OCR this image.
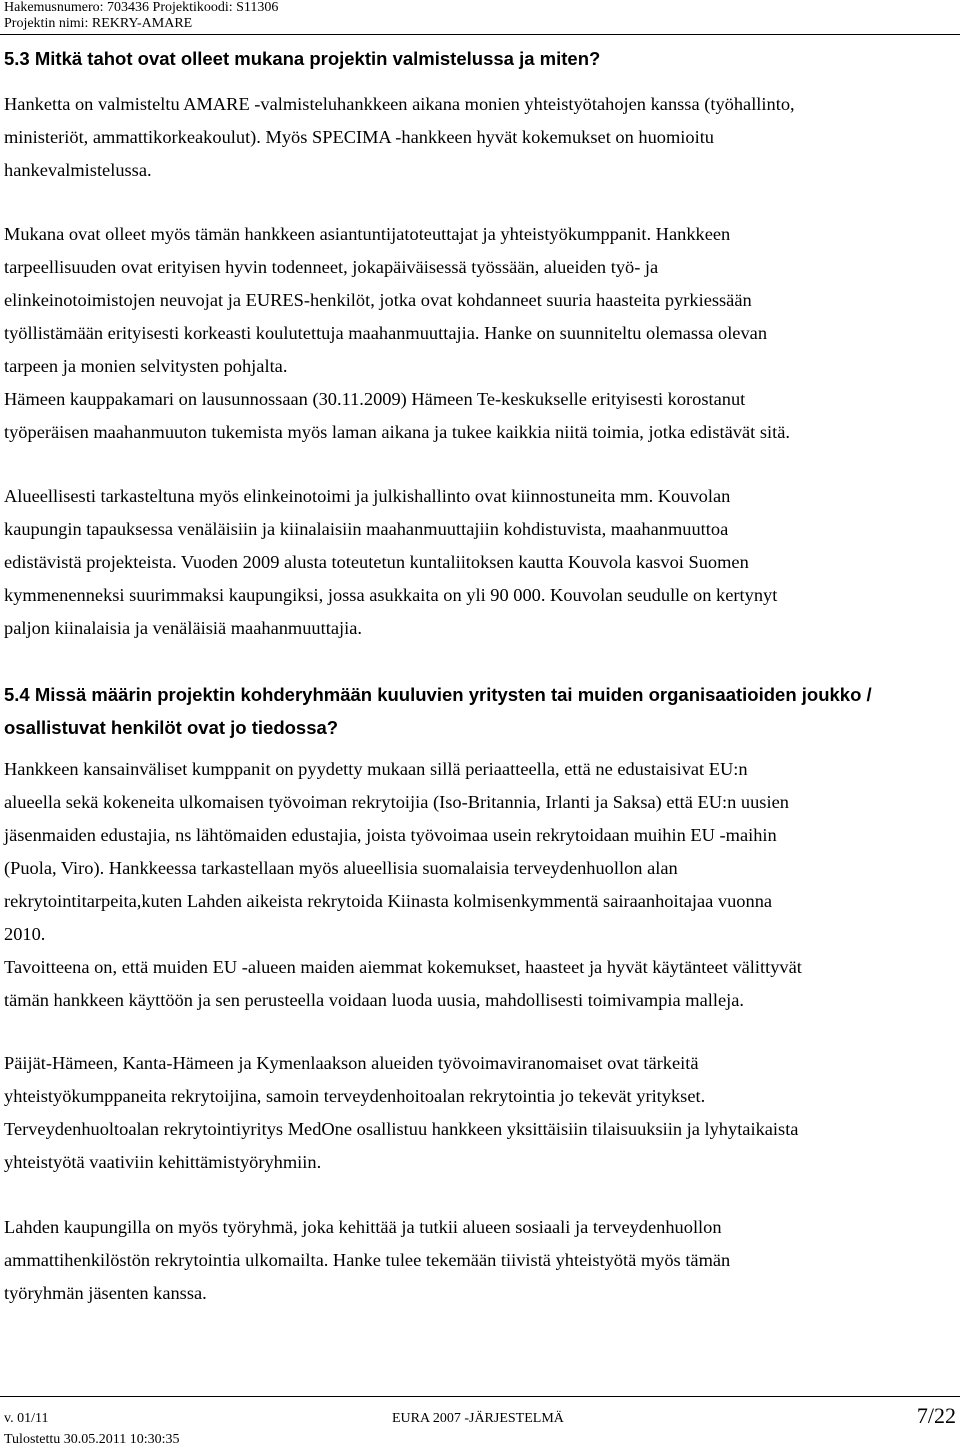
Hakemusnumero: 703436 Projektikoodi: S11306
Projektin nimi: REKRY-AMARE
5.3 Mitkä tahot ovat olleet mukana projektin valmistelussa ja miten?
Hanketta on valmisteltu AMARE -valmisteluhankkeen aikana monien yhteistyötahojen kanssa (työhallinto,
ministeriöt, ammattikorkeakoulut). Myös SPECIMA -hankkeen hyvät kokemukset on huomioitu
hankevalmistelussa.
Mukana ovat olleet myös tämän hankkeen asiantuntijatoteuttajat ja yhteistyökumppanit. Hankkeen
tarpeellisuuden ovat erityisen hyvin todenneet, jokapäiväisessä työssään, alueiden työ- ja
elinkeinotoimistojen neuvojat ja EURES-henkilöt, jotka ovat kohdanneet suuria haasteita pyrkiessään
työllistämään erityisesti korkeasti koulutettuja maahanmuuttajia. Hanke on suunniteltu olemassa olevan
tarpeen ja monien selvitysten pohjalta.
Hämeen kauppakamari on lausunnossaan (30.11.2009) Hämeen Te-keskukselle erityisesti korostanut
työperäisen maahanmuuton tukemista myös laman aikana ja tukee kaikkia niitä toimia, jotka edistävät sitä.
Alueellisesti tarkasteltuna myös elinkeinotoimi ja julkishallinto ovat kiinnostuneita mm. Kouvolan
kaupungin tapauksessa venäläisiin ja kiinalaisiin maahanmuuttajiin kohdistuvista, maahanmuuttoa
edistävistä projekteista. Vuoden 2009 alusta toteutetun kuntaliitoksen kautta Kouvola kasvoi Suomen
kymmenenneksi suurimmaksi kaupungiksi, jossa asukkaita on yli 90 000. Kouvolan seudulle on kertynyt
paljon kiinalaisia ja venäläisiä maahanmuuttajia.
5.4 Missä määrin projektin kohderyhmään kuuluvien yritysten tai muiden organisaatioiden joukko /
osallistuvat henkilöt ovat jo tiedossa?
Hankkeen kansainväliset kumppanit on pyydetty mukaan sillä periaatteella, että ne edustaisivat EU:n
alueella sekä kokeneita ulkomaisen työvoiman rekrytoijia (Iso-Britannia, Irlanti ja Saksa) että EU:n uusien
jäsenmaiden edustajia, ns lähtömaiden edustajia, joista työvoimaa usein rekrytoidaan muihin EU -maihin
(Puola, Viro). Hankkeessa tarkastellaan myös alueellisia suomalaisia terveydenhuollon alan
rekrytointitarpeita,kuten Lahden aikeista rekrytoida Kiinasta kolmisenkymmentä sairaanhoitajaa vuonna
2010.
Tavoitteena on, että muiden EU -alueen maiden aiemmat kokemukset, haasteet ja hyvät käytänteet välittyvät
tämän hankkeen käyttöön ja sen perusteella voidaan luoda uusia, mahdollisesti toimivampia malleja.
Päijät-Hämeen, Kanta-Hämeen ja Kymenlaakson alueiden työvoimaviranomaiset ovat tärkeitä
yhteistyökumppaneita rekrytoijina, samoin terveydenhoitoalan rekrytointia jo tekevät yritykset.
Terveydenhuoltoalan rekrytointiyritys MedOne osallistuu hankkeen yksittäisiin tilaisuuksiin ja lyhytaikaista
yhteistyötä vaativiin kehittämistyöryhmiin.
Lahden kaupungilla on myös työryhmä, joka kehittää ja tutkii alueen sosiaali ja terveydenhuollon
ammattihenkilöstön rekrytointia ulkomailta. Hanke tulee tekemään tiivistä yhteistyötä myös tämän
työryhmän jäsenten kanssa.
v. 01/11	EURA 2007 -JÄRJESTELMÄ	7/22
Tulostettu 30.05.2011 10:30:35
